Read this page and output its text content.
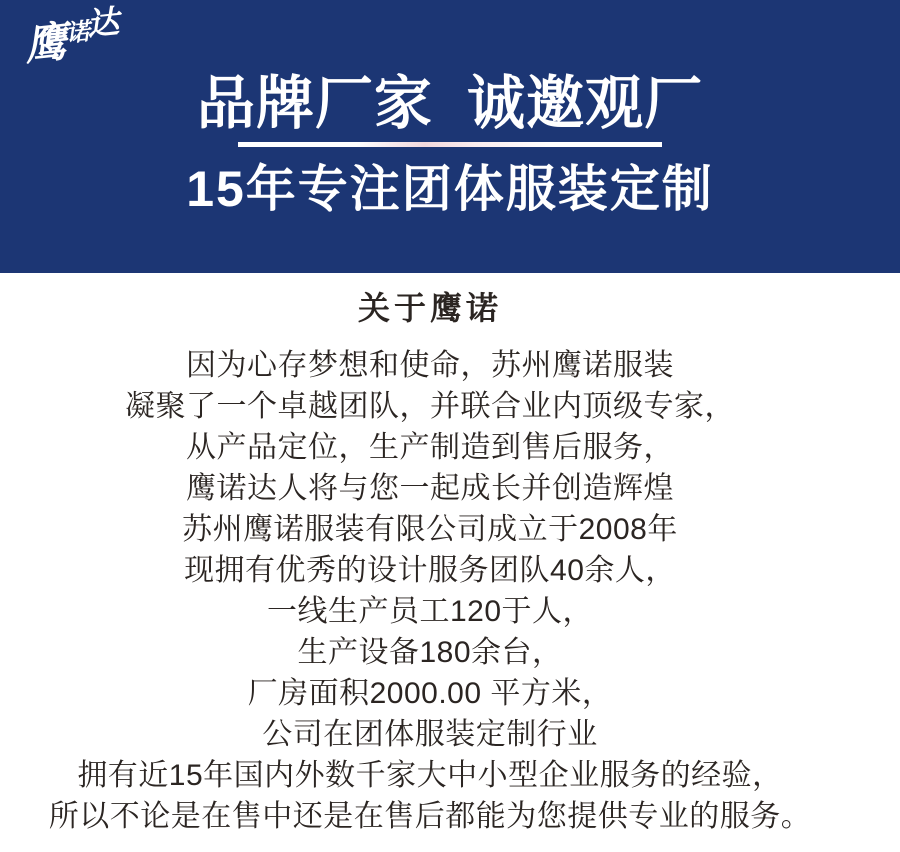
鹰诺达
品牌厂家  诚邀观厂
15年专注团体服装定制
关于鹰诺
因为心存梦想和使命，苏州鹰诺服装
凝聚了一个卓越团队，并联合业内顶级专家，
从产品定位，生产制造到售后服务，
鹰诺达人将与您一起成长并创造辉煌
苏州鹰诺服装有限公司成立于2008年
现拥有优秀的设计服务团队40余人，
一线生产员工120于人，
生产设备180余台，
厂房面积2000.00 平方米，
公司在团体服装定制行业
拥有近15年国内外数千家大中小型企业服务的经验，
所以不论是在售中还是在售后都能为您提供专业的服务。
